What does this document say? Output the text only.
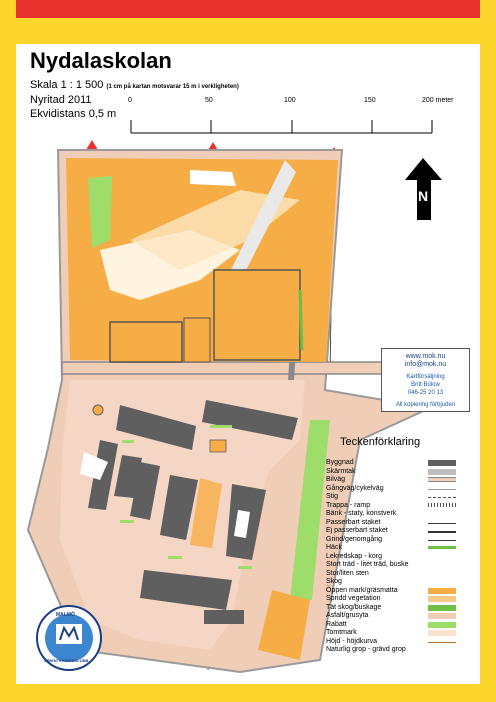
Nydalaskolan
Skala 1 : 1 500 (1 cm på kartan motsvarar 15 m i verkligheten)
Nyritad 2011
Ekvidistans 0,5 m
0	50	100	150	200 meter
N
www.mok.nu
info@mok.nu
Kartförsäljning
Britt Bülow
046-25 20 13
All kopiering förbjuden
Teckenförklaring
Byggnad
Skärmtak
Bilväg
Gångväg/cykelväg
Stig
Trappa - ramp
Bänk - staty, konstverk
Passerbart staket
Ej passerbart staket
Grind/genomgång
Häck
Lekredskap - korg
Stort träd - litet träd, buske
Stor/liten sten
Skog
Öppen mark/gräsmatta
Spridd vegetation
Tät skog/buskage
Asfalt/grusyta
Rabatt
Tomtmark
Höjd - höjdkurva
Naturlig grop - grävd grop
MALMÖ
ORIENTERINGSKLUBB
